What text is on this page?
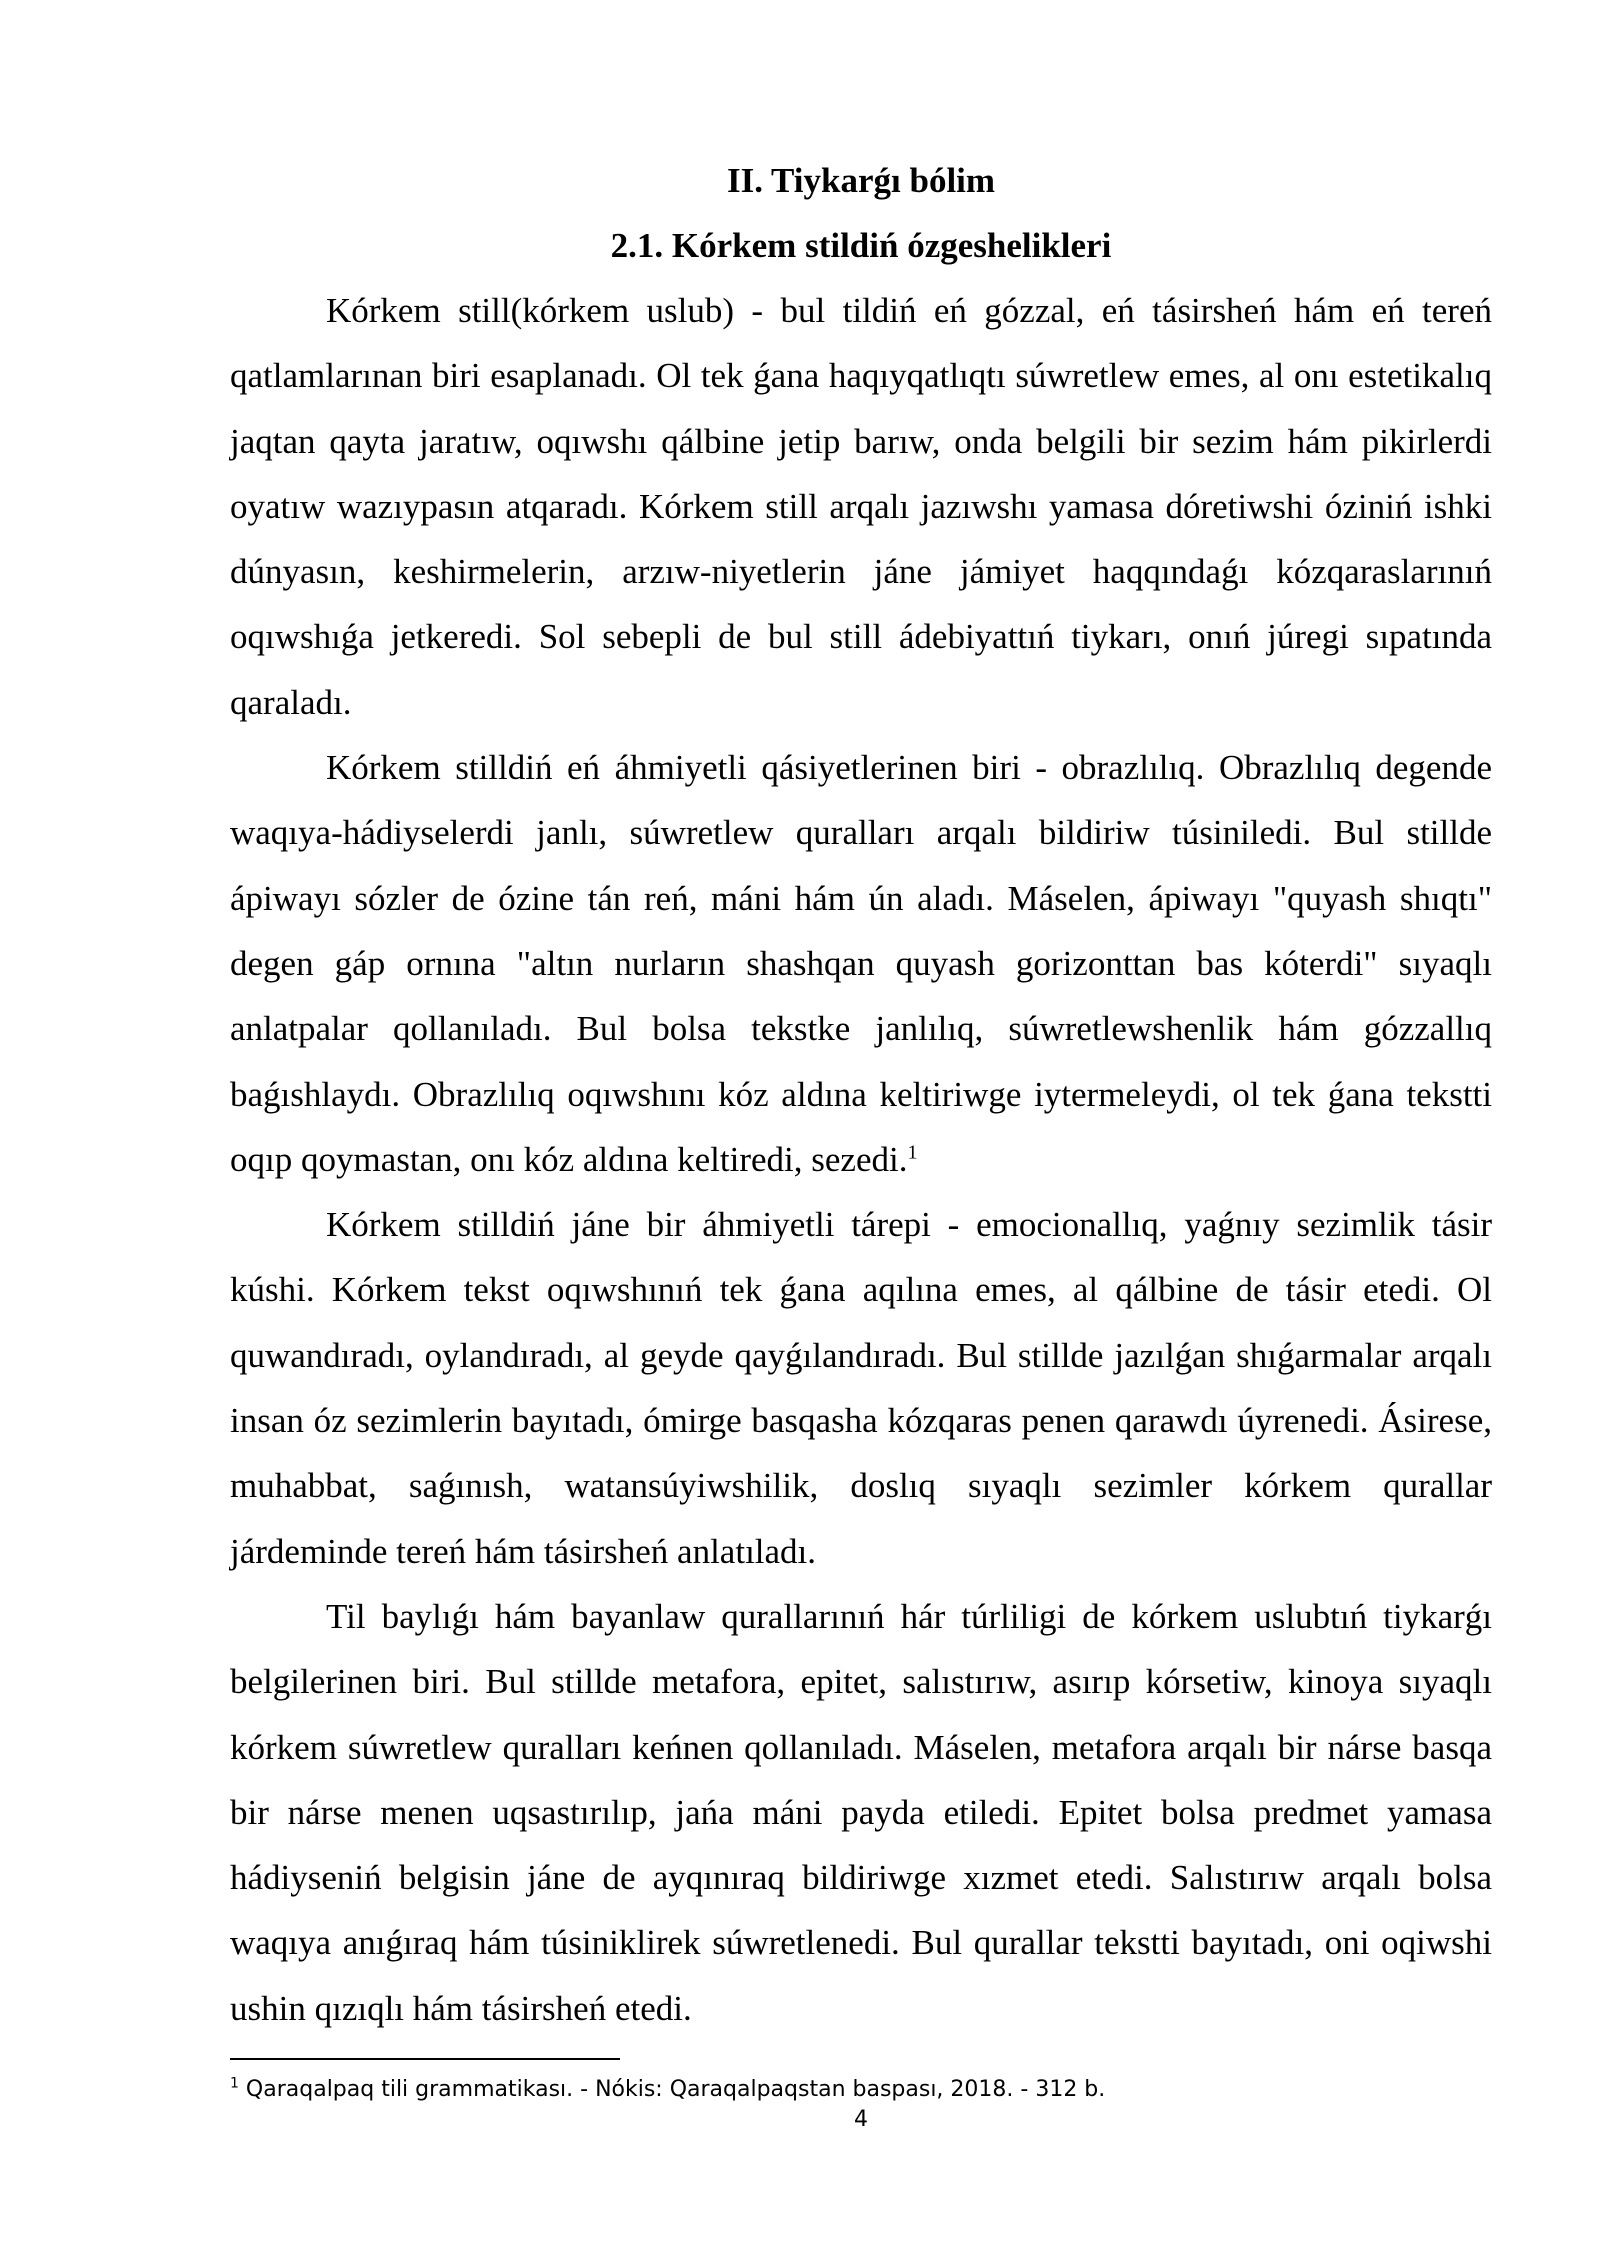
II. Tiykarǵı bólim
2.1. Kórkem stildiń ózgeshelikleri

Kórkem still(kórkem uslub) - bul tildiń eń gózzal, eń tásirsheń hám eń tereń qatlamlarınan biri esaplanadı. Ol tek ǵana haqıyqatlıqtı súwretlew emes, al onı estetikalıq jaqtan qayta jaratıw, oqıwshı qálbine jetip barıw, onda belgili bir sezim hám pikirlerdi oyatıw wazıypasın atqaradı. Kórkem still arqalı jazıwshı yamasa dóretiwshi óziniń ishki dúnyasın, keshirmelerin, arzıw-niyetlerin jáne jámiyet haqqındaǵı kózqaraslarınıń oqıwshıǵa jetkeredi. Sol sebepli de bul still ádebiyattıń tiykarı, onıń júregi sıpatında qaraladı.

Kórkem stilldiń eń áhmiyetli qásiyetlerinen biri - obrazlılıq. Obrazlılıq degende waqıya-hádiyselerdi janlı, súwretlew quralları arqalı bildiriw túsiniledi. Bul stillde ápiwayı sózler de ózine tán reń, máni hám ún aladı. Máselen, ápiwayı "quyash shıqtı" degen gáp ornına "altın nurların shashqan quyash gorizonttan bas kóterdi" sıyaqlı anlatpalar qollanıladı. Bul bolsa tekstke janlılıq, súwretlewshenlik hám gózzallıq baǵıshlaydı. Obrazlılıq oqıwshını kóz aldına keltiriwge iytermeleydi, ol tek ǵana tekstti oqıp qoymastan, onı kóz aldına keltiredi, sezedi.$^1$

Kórkem stilldiń jáne bir áhmiyetli tárepi - emocionallıq, yaǵnıy sezimlik tásir kúshi. Kórkem tekst oqıwshınıń tek ǵana aqılına emes, al qálbine de tásir etedi. Ol quwandıradı, oylandıradı, al geyde qayǵılandıradı. Bul stillde jazılǵan shıǵarmalar arqalı insan óz sezimlerin bayıtadı, ómirge basqasha kózqaras penen qarawdı úyrenedi. Ásirese, muhabbat, saǵınısh, watansúyiwshilik, doslıq sıyaqlı sezimler kórkem qurallar járdeminde tereń hám tásirsheń anlatıladı.

Til baylıǵı hám bayanlaw qurallarınıń hár túrliligi de kórkem uslubtıń tiykarǵı belgilerinen biri. Bul stillde metafora, epitet, salıstırıw, asırıp kórsetiw, kinoya sıyaqlı kórkem súwretlew quralları keńnen qollanıladı. Máselen, metafora arqalı bir nárse basqa bir nárse menen uqsastırılıp, jańa máni payda etiledi. Epitet bolsa predmet yamasa hádiyseniń belgisin jáne de ayqınıraq bildiriwge xızmet etedi. Salıstırıw arqalı bolsa waqıya anıǵıraq hám túsiniklirek súwretlenedi. Bul qurallar tekstti bayıtadı, oni oqiwshi ushin qızıqlı hám tásirsheń etedi.

$^1$ Qaraqalpaq tili grammatikası. - Nókis: Qaraqalpaqstan baspası, 2018. - 312 b.

4
